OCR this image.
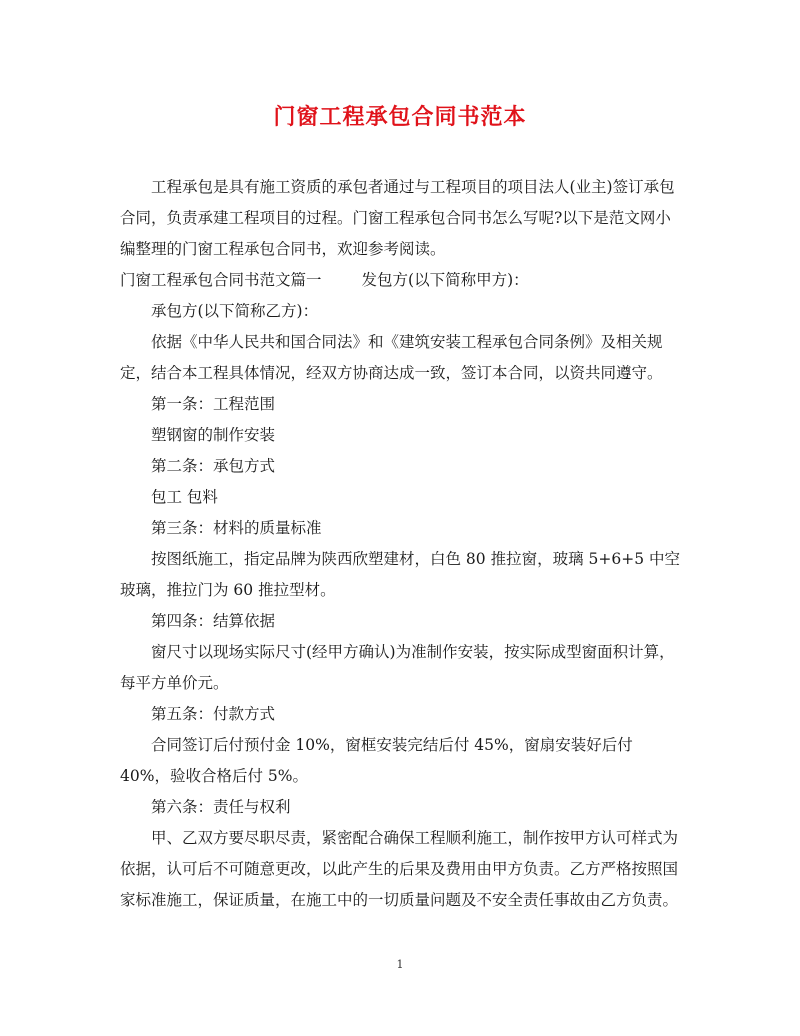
门窗工程承包合同书范本

工程承包是具有施工资质的承包者通过与工程项目的项目法人(业主)签订承包合同，负责承建工程项目的过程。门窗工程承包合同书怎么写呢?以下是范文网小编整理的门窗工程承包合同书，欢迎参考阅读。

门窗工程承包合同书范文篇一	发包方(以下简称甲方)：

承包方(以下简称乙方)：

依据《中华人民共和国合同法》和《建筑安装工程承包合同条例》及相关规定，结合本工程具体情况，经双方协商达成一致，签订本合同，以资共同遵守。

第一条：工程范围

塑钢窗的制作安装

第二条：承包方式

包工 包料

第三条：材料的质量标准

按图纸施工，指定品牌为陕西欣塑建材，白色 80 推拉窗，玻璃 5+6+5 中空玻璃，推拉门为 60 推拉型材。

第四条：结算依据

窗尺寸以现场实际尺寸(经甲方确认)为准制作安装，按实际成型窗面积计算，每平方单价元。

第五条：付款方式

合同签订后付预付金 10%，窗框安装完结后付 45%，窗扇安装好后付 40%，验收合格后付 5%。

第六条：责任与权利

甲、乙双方要尽职尽责，紧密配合确保工程顺利施工，制作按甲方认可样式为依据，认可后不可随意更改，以此产生的后果及费用由甲方负责。乙方严格按照国家标准施工，保证质量，在施工中的一切质量问题及不安全责任事故由乙方负责。

1
